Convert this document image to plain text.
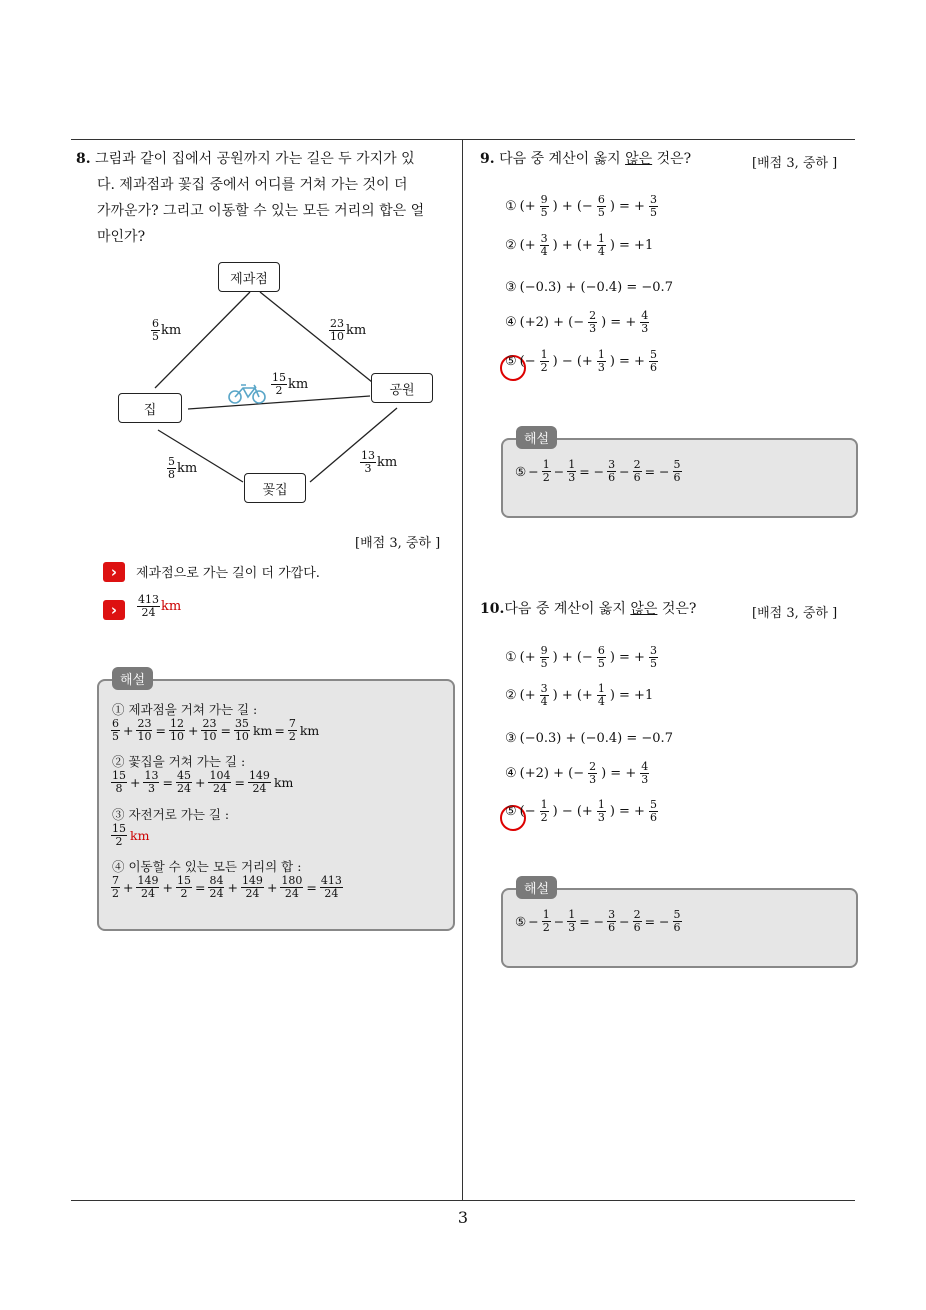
8. 그림과 같이 집에서 공원까지 가는 길은 두 가지가 있
다. 제과점과 꽃집 중에서 어디를 거쳐 가는 것이 더
가까운가? 그리고 이동할 수 있는 모든 거리의 합은 얼
마인가?
제과점
집
공원
꽃집
$\frac{6}{5}$ km	$\frac{23}{10}$ km
$\frac{15}{2}$ km
$\frac{5}{8}$ km	$\frac{13}{3}$ km
[배점 3, 중하 ]
›	제과점으로 가는 길이 더 가깝다.
›	$\frac{413}{24}$ km
해설
① 제과점을 거쳐 가는 길 :
$\frac{6}{5} + \frac{23}{10} = \frac{12}{10} + \frac{23}{10} = \frac{35}{10}$ km = $\frac{7}{2}$ km
② 꽃집을 거쳐 가는 길 :
$\frac{15}{8} + \frac{13}{3} = \frac{45}{24} + \frac{104}{24} = \frac{149}{24}$ km
③ 자전거로 가는 길 :
$\frac{15}{2}$ km
④ 이동할 수 있는 모든 거리의 합 :
$\frac{7}{2} + \frac{149}{24} + \frac{15}{2} = \frac{84}{24} + \frac{149}{24} + \frac{180}{24} = \frac{413}{24}$
9. 다음 중 계산이 옳지 않은 것은?	[배점 3, 중하 ]
① (+ $\frac{9}{5}$ ) + (− $\frac{6}{5}$ ) = + $\frac{3}{5}$
② (+ $\frac{3}{4}$ ) + (+ $\frac{1}{4}$ ) = +1
③ (−0.3) + (−0.4) = −0.7
④ (+2) + (− $\frac{2}{3}$ ) = + $\frac{4}{3}$
⑤ (− $\frac{1}{2}$ ) − (+ $\frac{1}{3}$ ) = + $\frac{5}{6}$
해설
⑤ − $\frac{1}{2} - \frac{1}{3}$ = − $\frac{3}{6} - \frac{2}{6}$ = − $\frac{5}{6}$
10.다음 중 계산이 옳지 않은 것은?	[배점 3, 중하 ]
① (+ $\frac{9}{5}$ ) + (− $\frac{6}{5}$ ) = + $\frac{3}{5}$
② (+ $\frac{3}{4}$ ) + (+ $\frac{1}{4}$ ) = +1
③ (−0.3) + (−0.4) = −0.7
④ (+2) + (− $\frac{2}{3}$ ) = + $\frac{4}{3}$
⑤ (− $\frac{1}{2}$ ) − (+ $\frac{1}{3}$ ) = + $\frac{5}{6}$
해설
⑤ − $\frac{1}{2} - \frac{1}{3}$ = − $\frac{3}{6} - \frac{2}{6}$ = − $\frac{5}{6}$
3
